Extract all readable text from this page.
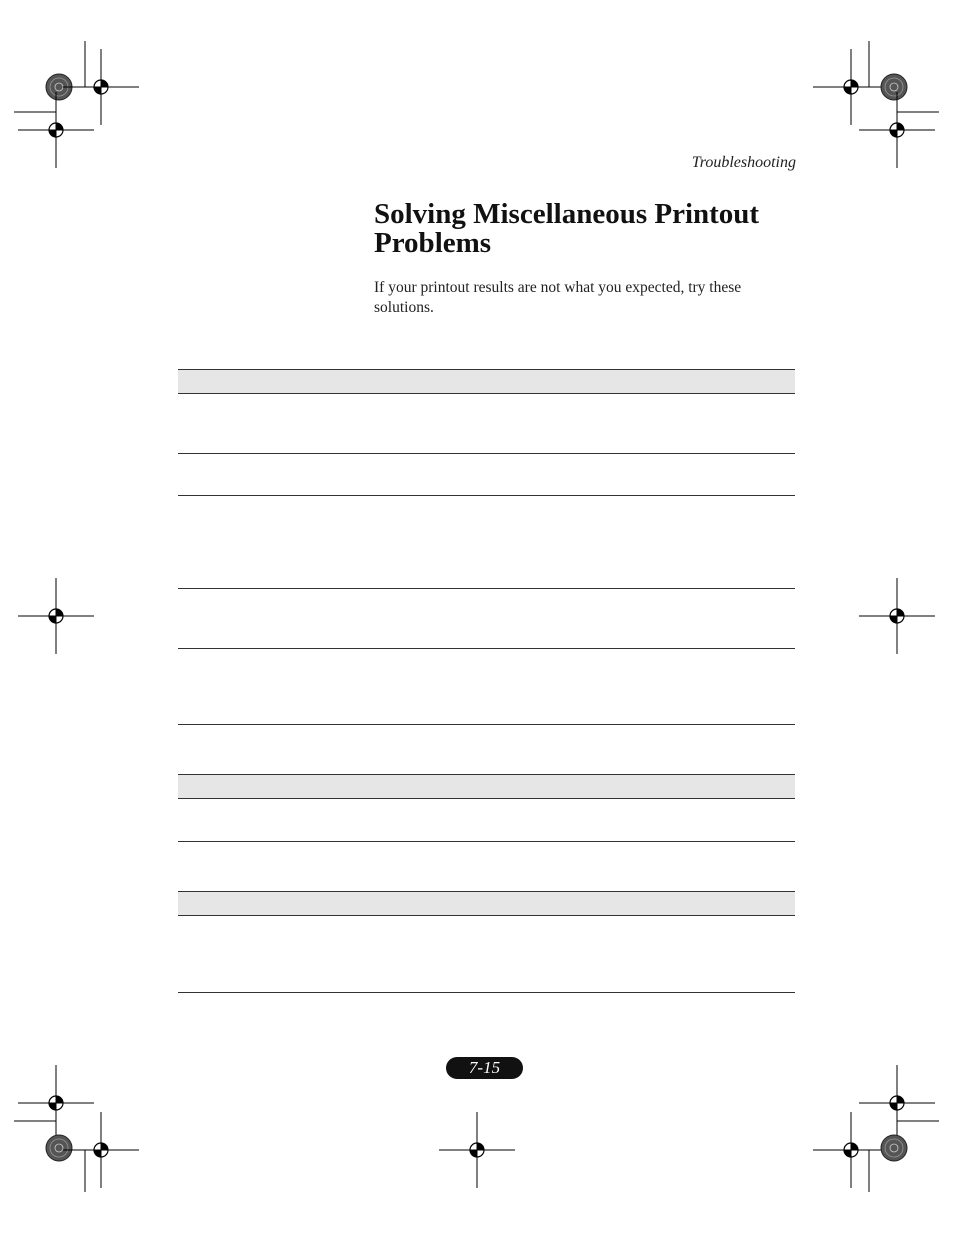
Troubleshooting
Solving Miscellaneous Printout Problems
If your printout results are not what you expected, try these solutions.
7-15
